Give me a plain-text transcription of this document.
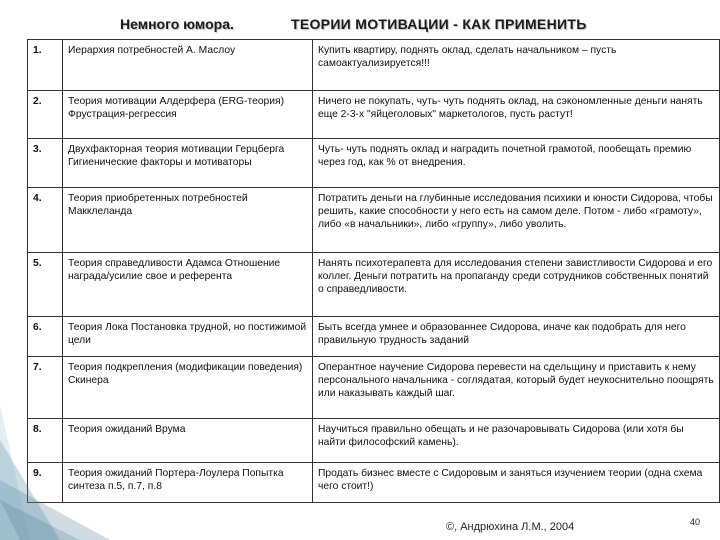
Немного юмора.	ТЕОРИИ МОТИВАЦИИ - КАК ПРИМЕНИТЬ
1.	Иерархия потребностей А. Маслоу	Купить квартиру, поднять оклад, сделать начальником – пусть самоактуализируется!!!
2.	Теория мотивации Алдерфера (ERG-теория) Фрустрация-регрессия	Ничего не покупать, чуть- чуть поднять оклад, на сэкономленные деньги нанять еще 2-3-х "яйцеголовых" маркетологов, пусть растут!
3.	Двухфакторная теория мотивации Герцберга Гигиенические факторы и мотиваторы	Чуть- чуть поднять оклад и наградить почетной грамотой, пообещать премию через год, как % от внедрения.
4.	Теория приобретенных потребностей Макклеланда	Потратить деньги на глубинные исследования психики и юности Сидорова, чтобы решить, какие способности у него есть на самом деле. Потом - либо «грамоту», либо «в начальники», либо «группу», либо уволить.
5.	Теория справедливости Адамса Отношение награда/усилие свое и референта	Нанять психотерапевта для исследования степени завистливости Сидорова и его коллег. Деньги потратить на пропаганду среди сотрудников собственных понятий о справедливости.
6.	Теория Лока Постановка трудной, но постижимой цели	Быть всегда умнее и образованнее Сидорова, иначе как подобрать для него правильную трудность заданий
7.	Теория подкрепления (модификации поведения) Скинера	Оперантное научение Сидорова перевести на сдельщину и приставить к нему персонального начальника - соглядатая, который будет неукоснительно поощрять или наказывать каждый шаг.
8.	Теория ожиданий Врума	Научиться правильно обещать и не разочаровывать Сидорова (или хотя бы найти философский камень).
9.	Теория ожиданий Портера-Лоулера Попытка синтеза п.5, п.7, п.8	Продать бизнес вместе с Сидоровым и заняться изучением теории (одна схема чего стоит!)
©, Андрюхина Л.М., 2004	40
